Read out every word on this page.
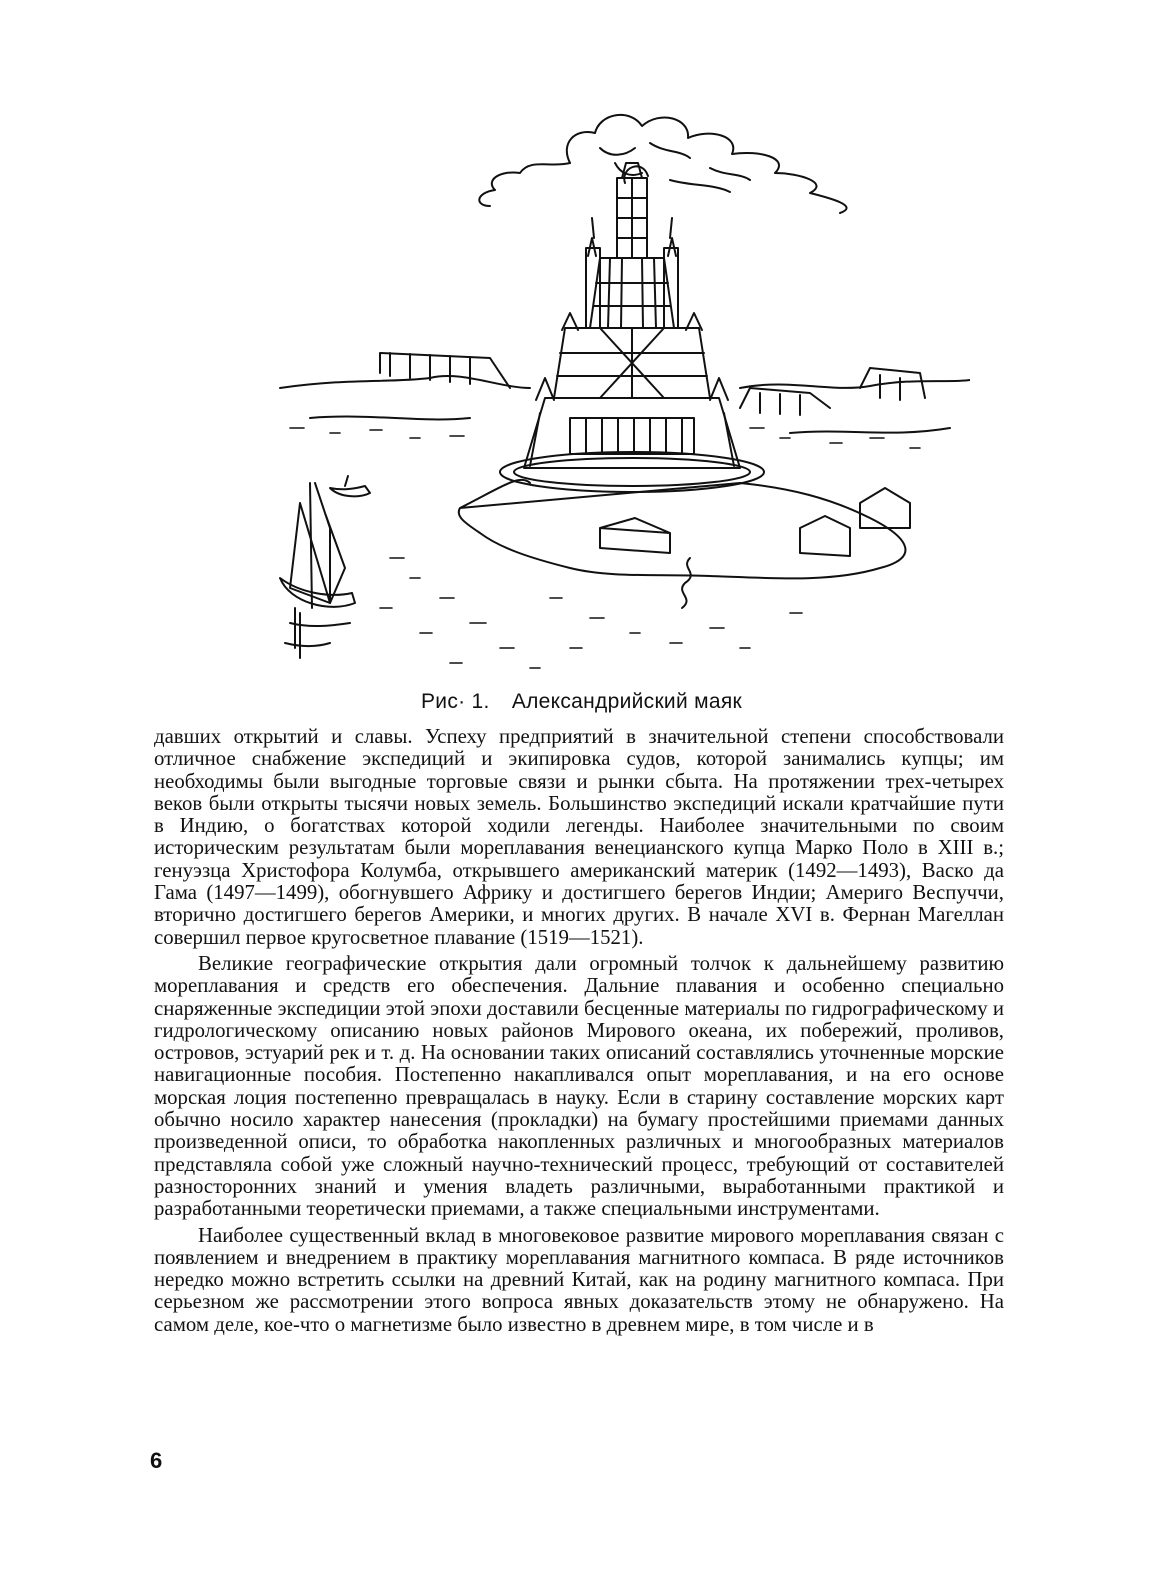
Рис· 1. Александрийский маяк

давших открытий и славы. Успеху предприятий в значительной степени способствовали отличное снабжение экспедиций и экипировка судов, которой занимались купцы; им необходимы были выгодные торговые связи и рынки сбыта. На протяжении трех-четырех веков были открыты тысячи новых земель. Большинство экспедиций искали кратчайшие пути в Индию, о богатствах которой ходили легенды. Наиболее значительными по своим историческим результатам были мореплавания венецианского купца Марко Поло в XIII в.; генуэзца Христофора Колумба, открывшего американский материк (1492—1493), Васко да Гама (1497—1499), обогнувшего Африку и достигшего берегов Индии; Америго Веспуччи, вторично достигшего берегов Америки, и многих других. В начале XVI в. Фернан Магеллан совершил первое кругосветное плавание (1519—1521).

Великие географические открытия дали огромный толчок к дальнейшему развитию мореплавания и средств его обеспечения. Дальние плавания и особенно специально снаряженные экспедиции этой эпохи доставили бесценные материалы по гидрографическому и гидрологическому описанию новых районов Мирового океана, их побережий, проливов, островов, эстуарий рек и т. д. На основании таких описаний составлялись уточненные морские навигационные пособия. Постепенно накапливался опыт мореплавания, и на его основе морская лоция постепенно превращалась в науку. Если в старину составление морских карт обычно носило характер нанесения (прокладки) на бумагу простейшими приемами данных произведенной описи, то обработка накопленных различных и многообразных материалов представляла собой уже сложный научно-технический процесс, требующий от составителей разносторонних знаний и умения владеть различными, выработанными практикой и разработанными теоретически приемами, а также специальными инструментами.

Наиболее существенный вклад в многовековое развитие мирового мореплавания связан с появлением и внедрением в практику мореплавания магнитного компаса. В ряде источников нередко можно встретить ссылки на древний Китай, как на родину магнитного компаса. При серьезном же рассмотрении этого вопроса явных доказательств этому не обнаружено. На самом деле, кое-что о магнетизме было известно в древнем мире, в том числе и в

6
